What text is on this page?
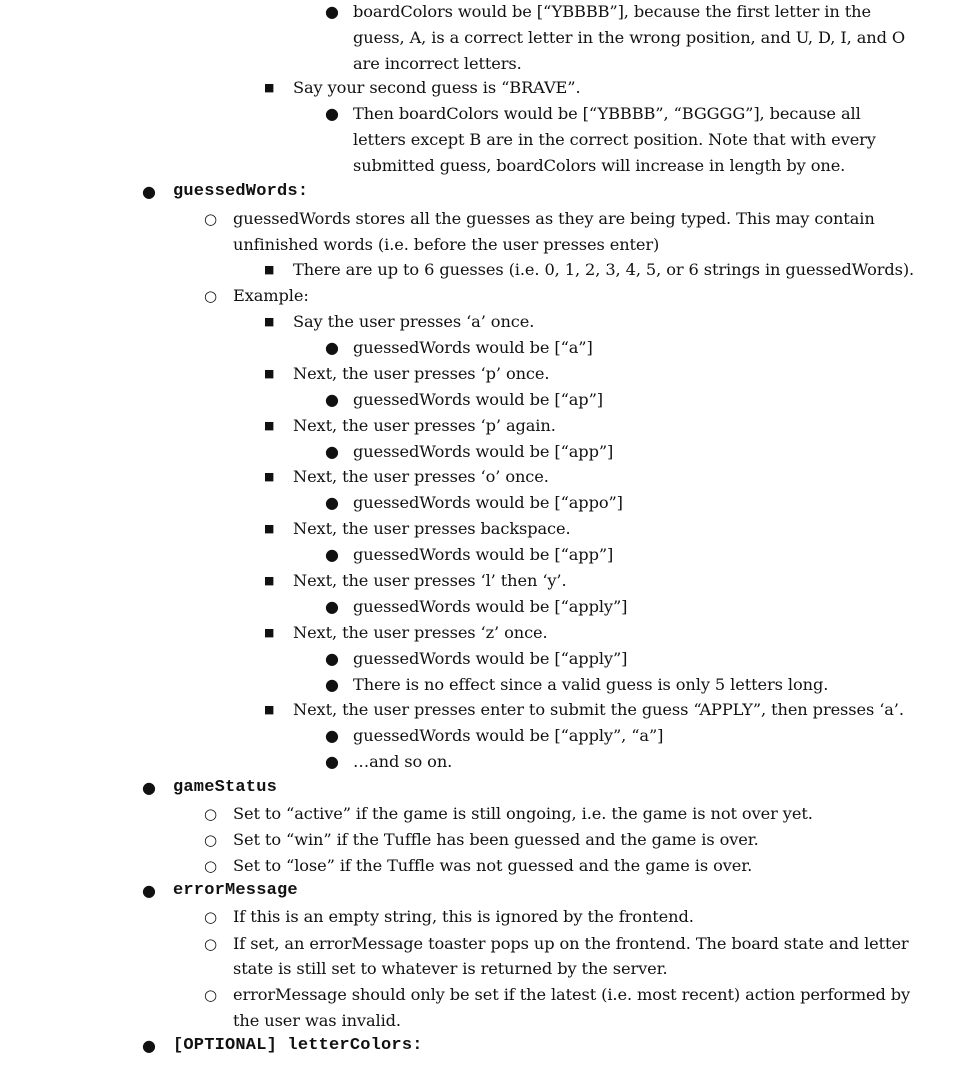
● boardColors would be [“YBBBB”], because the first letter in the
guess, A, is a correct letter in the wrong position, and U, D, I, and O
are incorrect letters.
■ Say your second guess is “BRAVE”.
● Then boardColors would be [“YBBBB”, “BGGGG”], because all
letters except B are in the correct position. Note that with every
submitted guess, boardColors will increase in length by one.
● guessedWords:
○ guessedWords stores all the guesses as they are being typed. This may contain
unfinished words (i.e. before the user presses enter)
■ There are up to 6 guesses (i.e. 0, 1, 2, 3, 4, 5, or 6 strings in guessedWords).
○ Example:
■ Say the user presses ‘a’ once.
● guessedWords would be [“a”]
■ Next, the user presses ‘p’ once.
● guessedWords would be [“ap”]
■ Next, the user presses ‘p’ again.
● guessedWords would be [“app”]
■ Next, the user presses ‘o’ once.
● guessedWords would be [“appo”]
■ Next, the user presses backspace.
● guessedWords would be [“app”]
■ Next, the user presses ‘l’ then ‘y’.
● guessedWords would be [“apply”]
■ Next, the user presses ‘z’ once.
● guessedWords would be [“apply”]
● There is no effect since a valid guess is only 5 letters long.
■ Next, the user presses enter to submit the guess “APPLY”, then presses ‘a’.
● guessedWords would be [“apply”, “a”]
● …and so on.
● gameStatus
○ Set to “active” if the game is still ongoing, i.e. the game is not over yet.
○ Set to “win” if the Tuffle has been guessed and the game is over.
○ Set to “lose” if the Tuffle was not guessed and the game is over.
● errorMessage
○ If this is an empty string, this is ignored by the frontend.
○ If set, an errorMessage toaster pops up on the frontend. The board state and letter
state is still set to whatever is returned by the server.
○ errorMessage should only be set if the latest (i.e. most recent) action performed by
the user was invalid.
● [OPTIONAL] letterColors:
